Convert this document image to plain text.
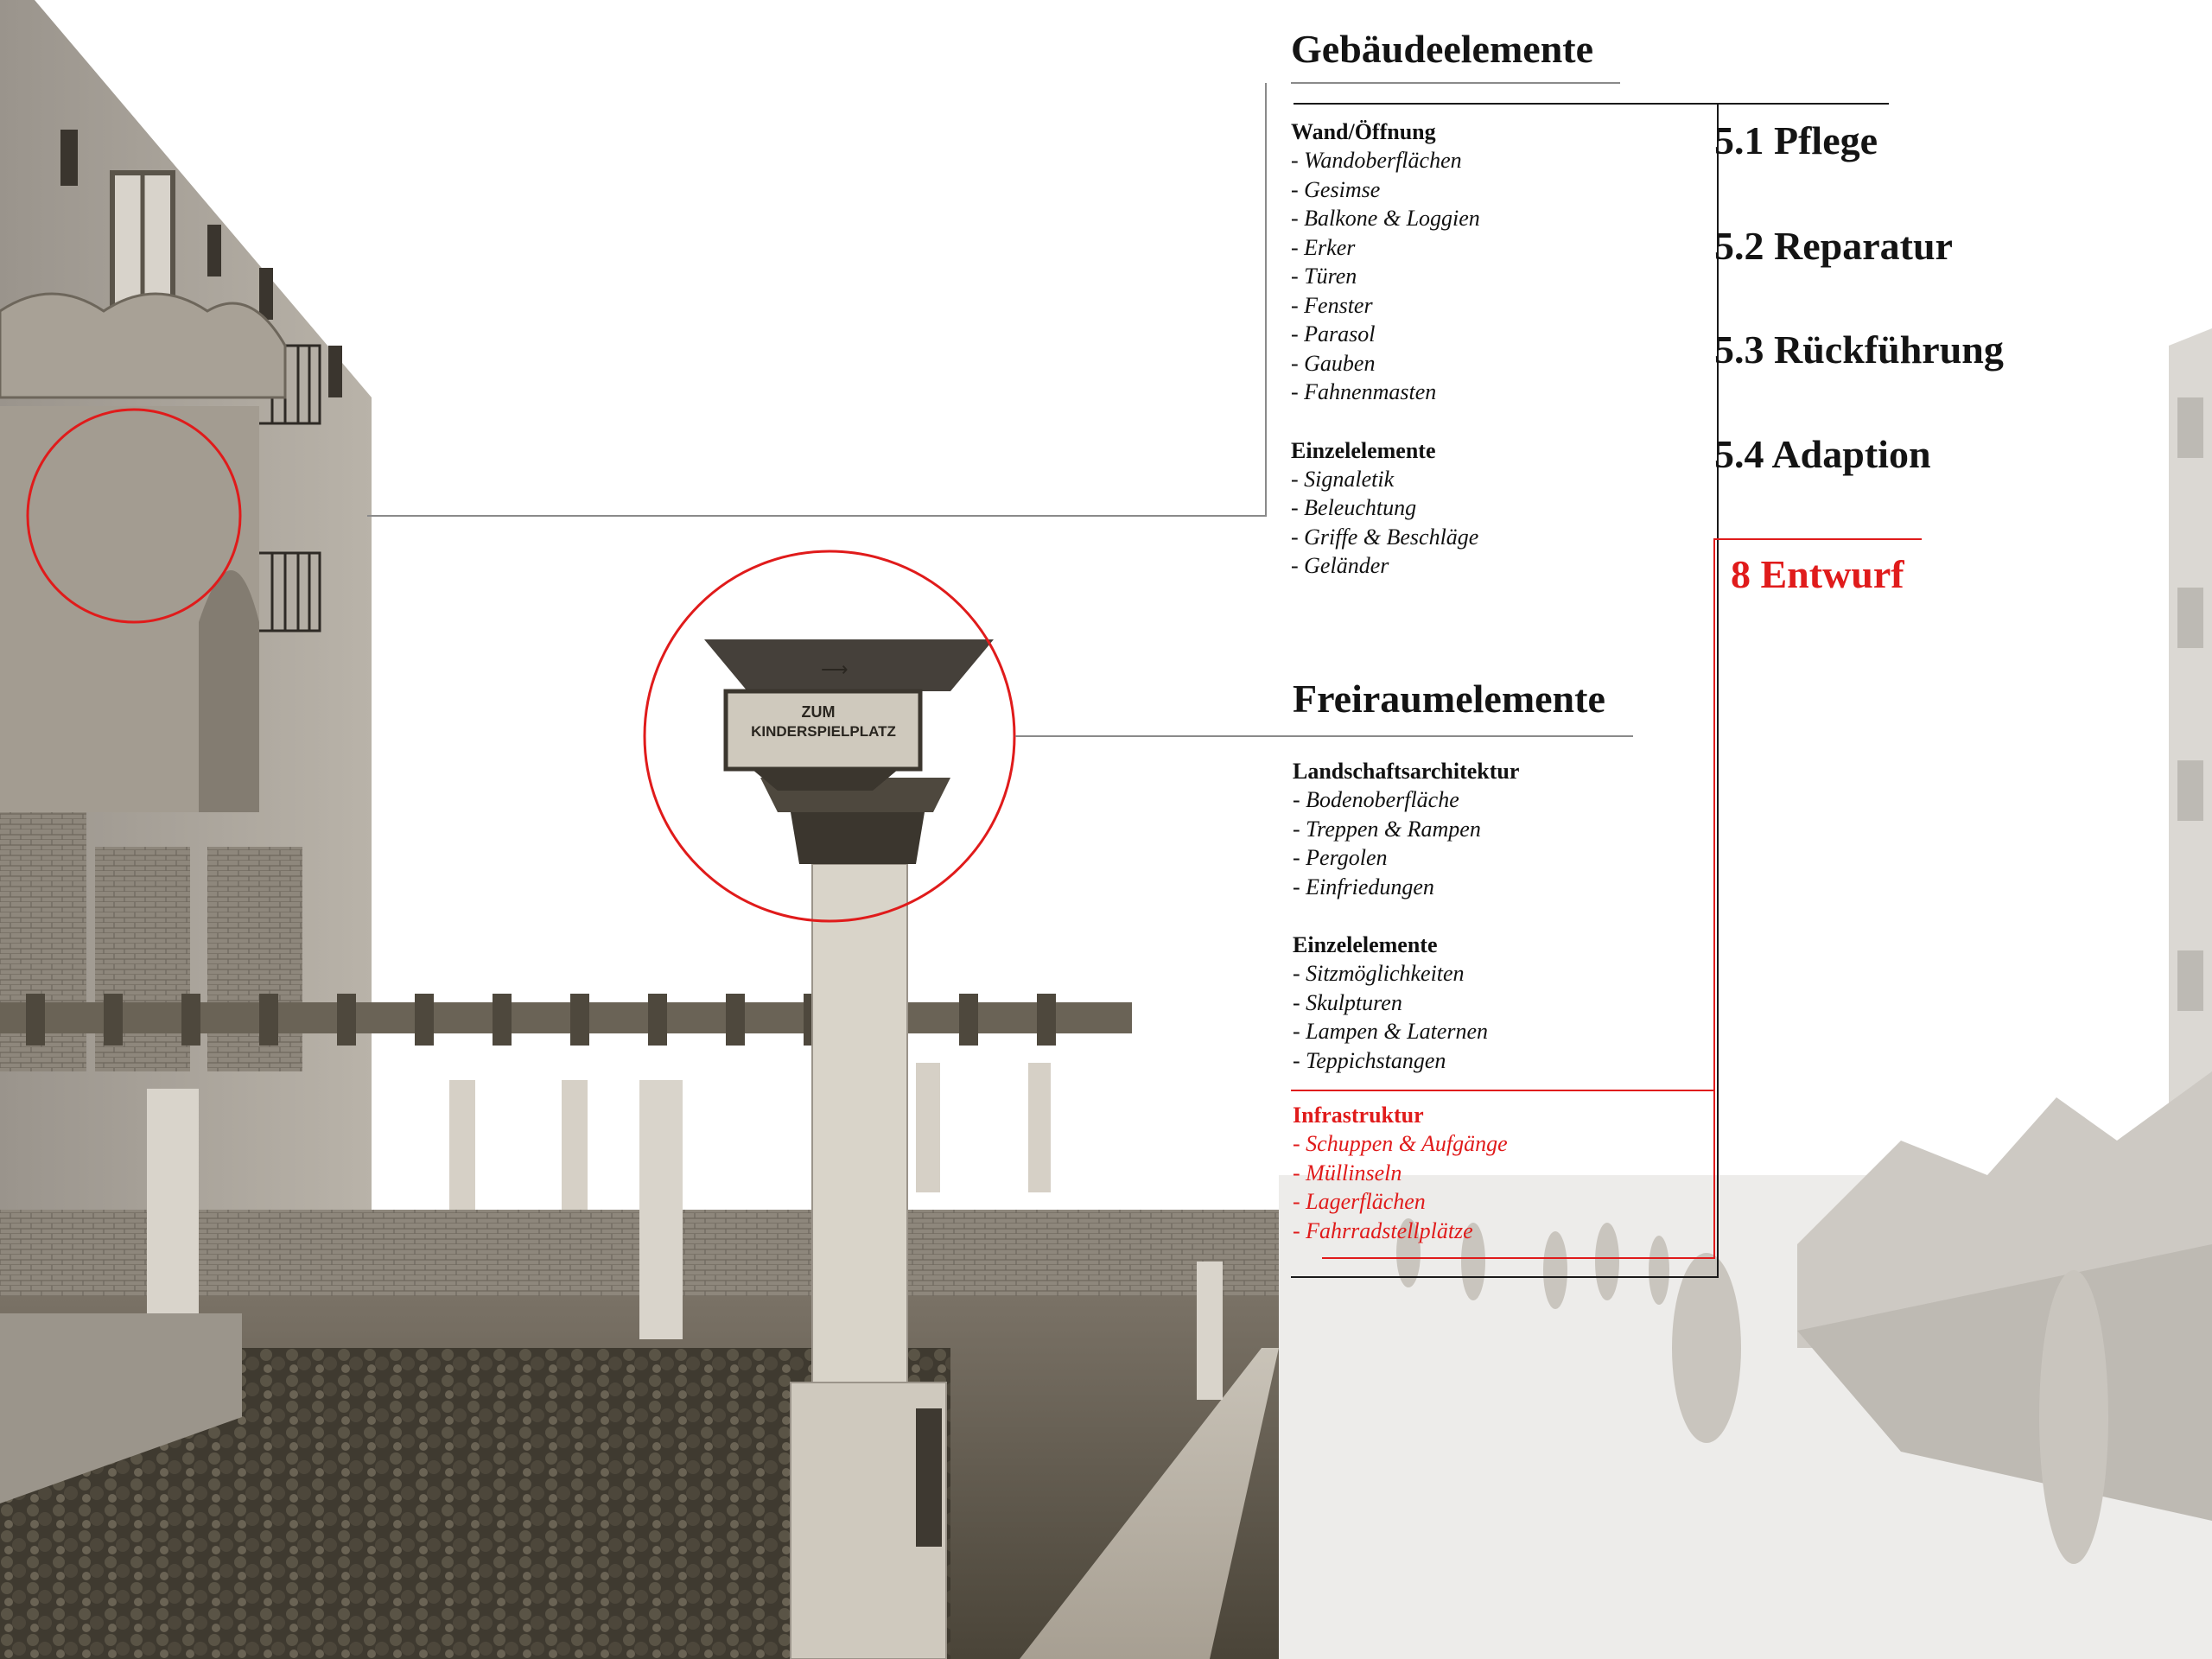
⟶
ZUM
KINDERSPIELPLATZ
Gebäudeelemente

Wand/Öffnung

- Wandoberflächen

- Gesimse

- Balkone & Loggien

- Erker

- Türen

- Fenster

- Parasol

- Gauben

- Fahnenmasten

Einzelelemente

- Signaletik

- Beleuchtung

- Griffe & Beschläge

- Geländer

Freiraumelemente

Landschaftsarchitektur

- Bodenoberfläche

- Treppen & Rampen

- Pergolen

- Einfriedungen

Einzelelemente

- Sitzmöglichkeiten

- Skulpturen

- Lampen & Laternen

- Teppichstangen

Infrastruktur

- Schuppen & Aufgänge

- Müllinseln

- Lagerflächen

- Fahrradstellplätze

5.1 Pflege
5.2 Reparatur
5.3 Rückführung
5.4 Adaption
8 Entwurf
